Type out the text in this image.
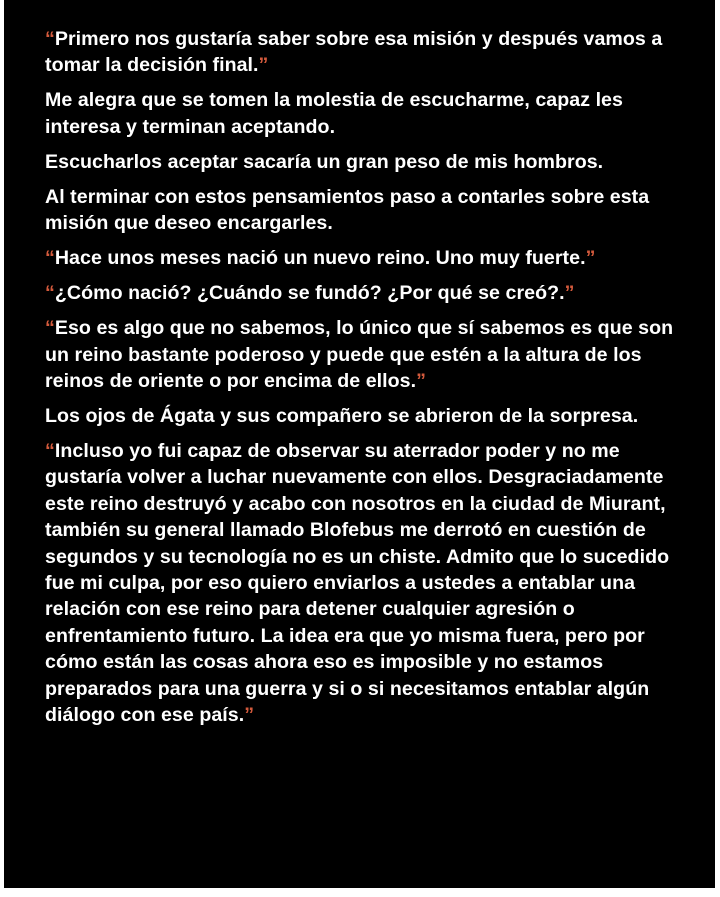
“Primero nos gustaría saber sobre esa misión y después vamos a tomar la decisión final.”

Me alegra que se tomen la molestia de escucharme, capaz les interesa y terminan aceptando.

Escucharlos aceptar sacaría un gran peso de mis hombros.

Al terminar con estos pensamientos paso a contarles sobre esta misión que deseo encargarles.

“Hace unos meses nació un nuevo reino. Uno muy fuerte.”

“¿Cómo nació? ¿Cuándo se fundó? ¿Por qué se creó?.”

“Eso es algo que no sabemos, lo único que sí sabemos es que son un reino bastante poderoso y puede que estén a la altura de los reinos de oriente o por encima de ellos.”

Los ojos de Ágata y sus compañero se abrieron de la sorpresa.

“Incluso yo fui capaz de observar su aterrador poder y no me gustaría volver a luchar nuevamente con ellos. Desgraciadamente este reino destruyó y acabo con nosotros en la ciudad de Miurant, también su general llamado Blofebus me derrotó en cuestión de segundos y su tecnología no es un chiste. Admito que lo sucedido fue mi culpa, por eso quiero enviarlos a ustedes a entablar una relación con ese reino para detener cualquier agresión o enfrentamiento futuro. La idea era que yo misma fuera, pero por cómo están las cosas ahora eso es imposible y no estamos preparados para una guerra y si o si necesitamos entablar algún diálogo con ese país.”
